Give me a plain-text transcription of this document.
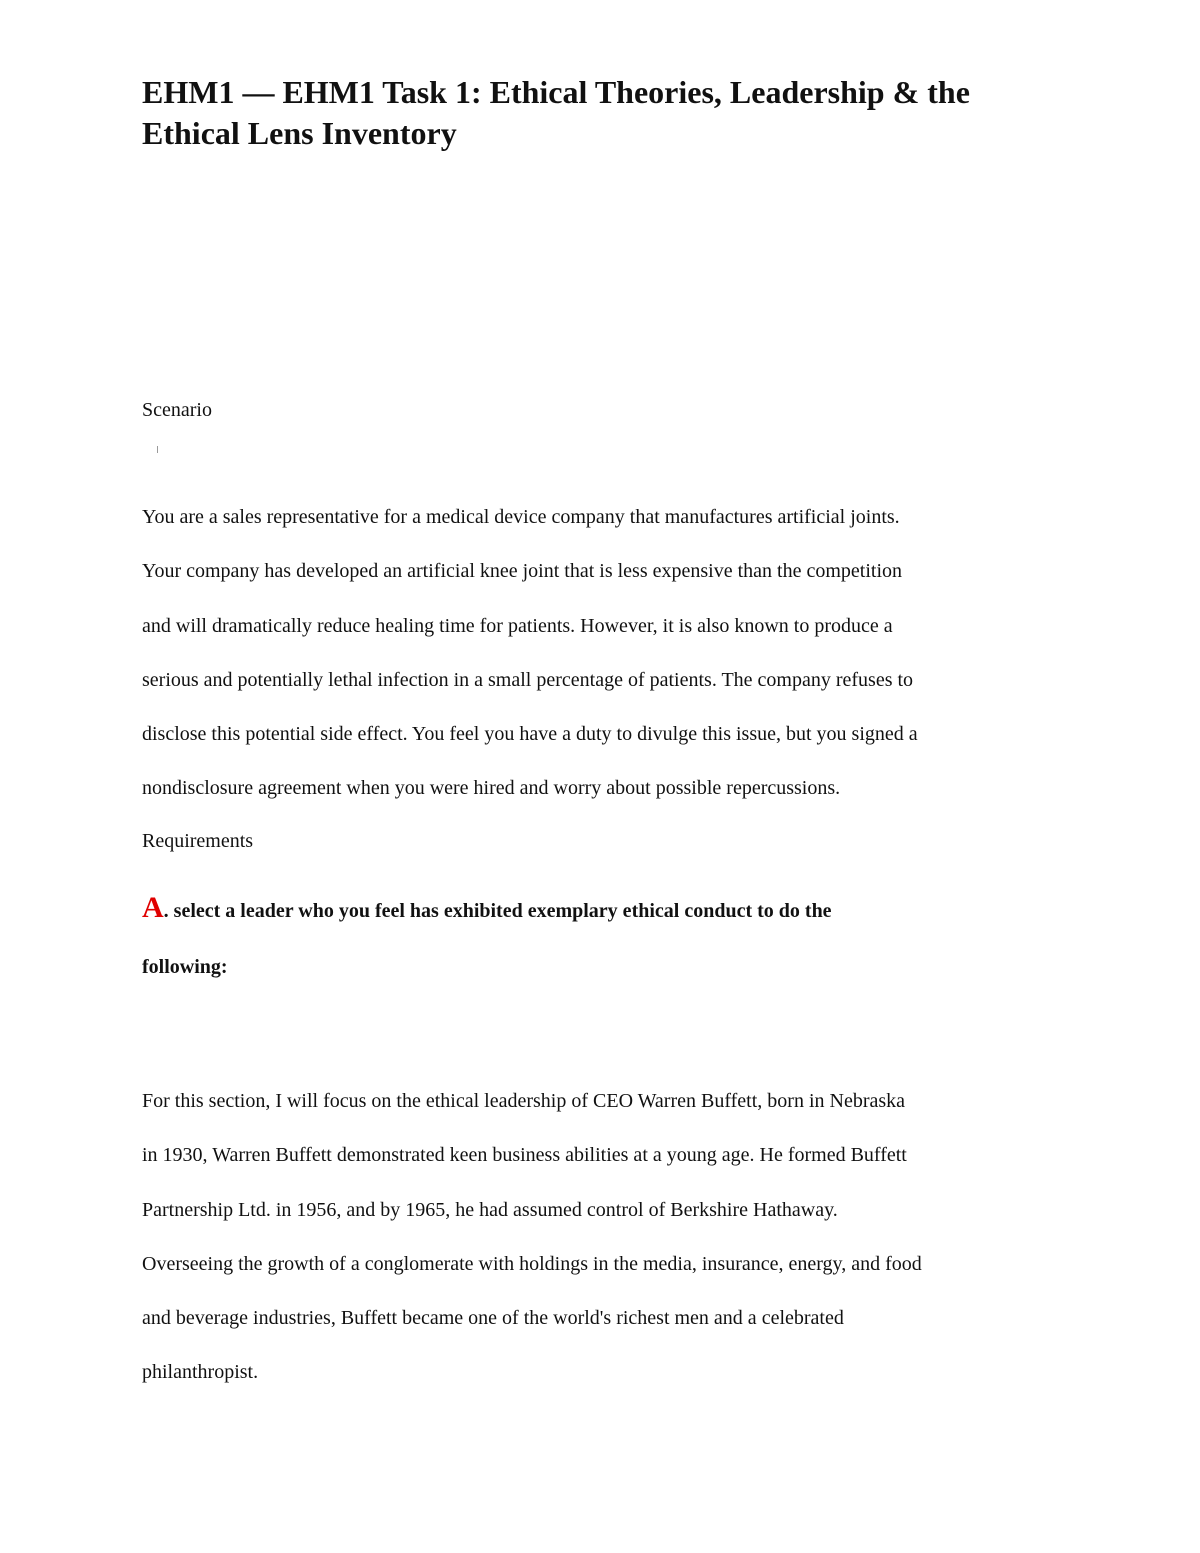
EHM1 — EHM1 Task 1: Ethical Theories, Leadership & the
Ethical Lens Inventory

Scenario

You are a sales representative for a medical device company that manufactures artificial joints.
Your company has developed an artificial knee joint that is less expensive than the competition
and will dramatically reduce healing time for patients. However, it is also known to produce a
serious and potentially lethal infection in a small percentage of patients. The company refuses to
disclose this potential side effect. You feel you have a duty to divulge this issue, but you signed a
nondisclosure agreement when you were hired and worry about possible repercussions.

Requirements

A. select a leader who you feel has exhibited exemplary ethical conduct to do the
following:

For this section, I will focus on the ethical leadership of CEO Warren Buffett, born in Nebraska
in 1930, Warren Buffett demonstrated keen business abilities at a young age. He formed Buffett
Partnership Ltd. in 1956, and by 1965, he had assumed control of Berkshire Hathaway.
Overseeing the growth of a conglomerate with holdings in the media, insurance, energy, and food
and beverage industries, Buffett became one of the world's richest men and a celebrated
philanthropist.
